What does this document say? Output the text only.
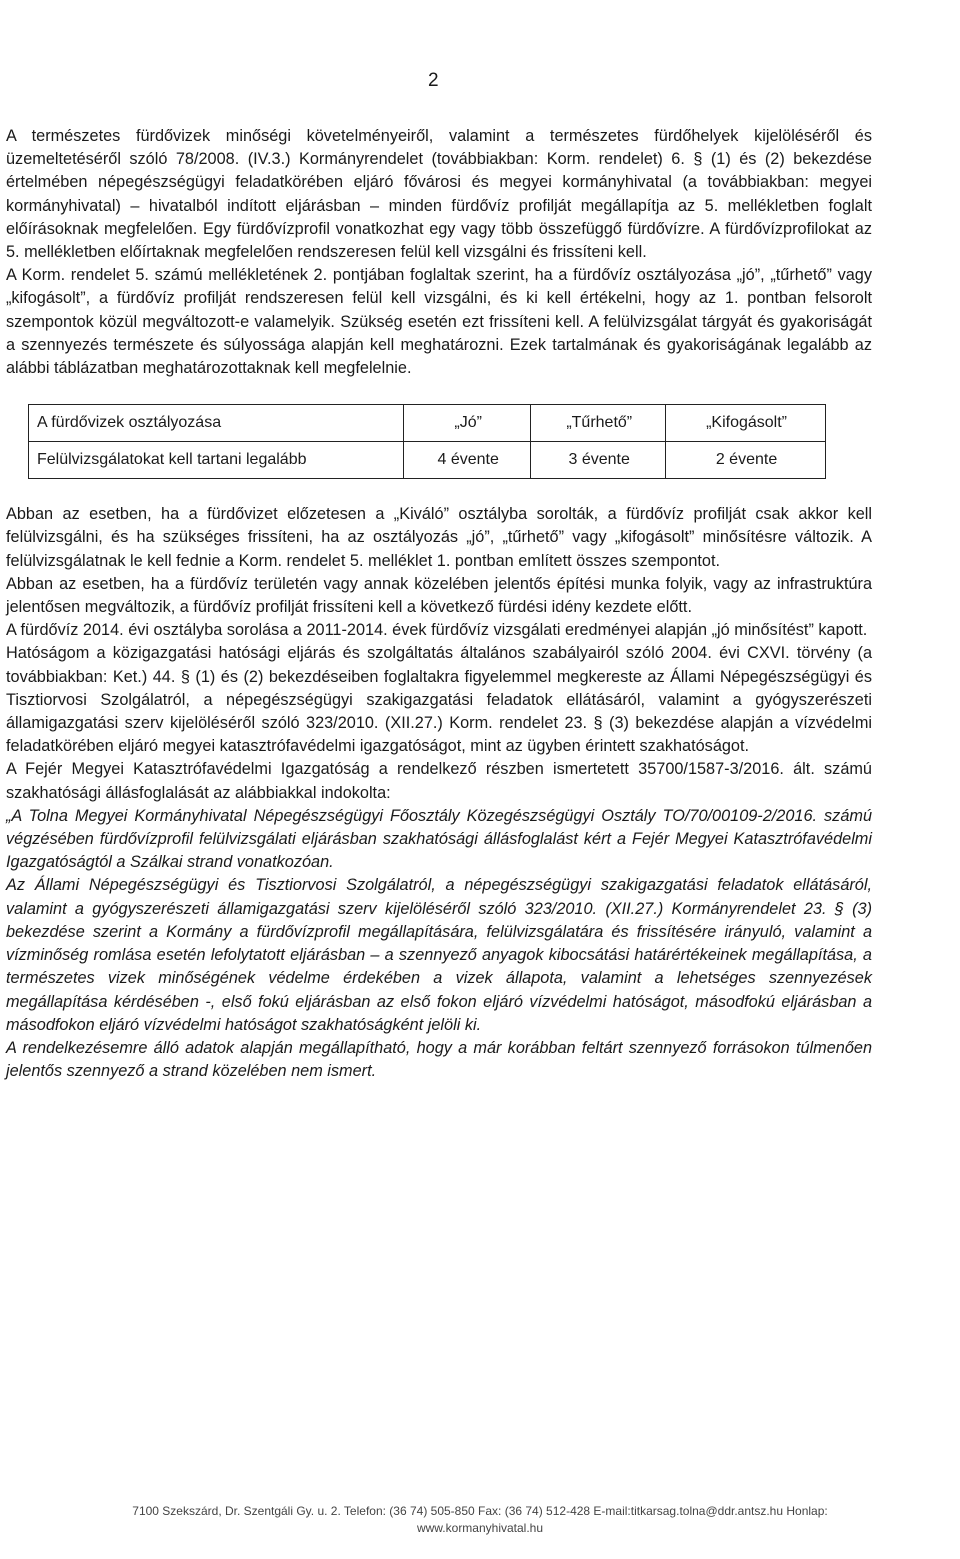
2

A természetes fürdővizek minőségi követelményeiről, valamint a természetes fürdőhelyek kijelöléséről és üzemeltetéséről szóló 78/2008. (IV.3.) Kormányrendelet (továbbiakban: Korm. rendelet) 6. § (1) és (2) bekezdése értelmében népegészségügyi feladatkörében eljáró fővárosi és megyei kormányhivatal (a továbbiakban: megyei kormányhivatal) – hivatalból indított eljárásban – minden fürdővíz profilját megállapítja az 5. mellékletben foglalt előírásoknak megfelelően. Egy fürdővízprofil vonatkozhat egy vagy több összefüggő fürdővízre. A fürdővízprofilokat az 5. mellékletben előírtaknak megfelelően rendszeresen felül kell vizsgálni és frissíteni kell.

A Korm. rendelet 5. számú mellékletének 2. pontjában foglaltak szerint, ha a fürdővíz osztályozása „jó”, „tűrhető” vagy „kifogásolt”, a fürdővíz profilját rendszeresen felül kell vizsgálni, és ki kell értékelni, hogy az 1. pontban felsorolt szempontok közül megváltozott-e valamelyik. Szükség esetén ezt frissíteni kell. A felülvizsgálat tárgyát és gyakoriságát a szennyezés természete és súlyossága alapján kell meghatározni. Ezek tartalmának és gyakoriságának legalább az alábbi táblázatban meghatározottaknak kell megfelelnie.

A fürdővizek osztályozása	„Jó”	„Tűrhető”	„Kifogásolt”
Felülvizsgálatokat kell tartani legalább	4 évente	3 évente	2 évente

Abban az esetben, ha a fürdővizet előzetesen a „Kiváló” osztályba sorolták, a fürdővíz profilját csak akkor kell felülvizsgálni, és ha szükséges frissíteni, ha az osztályozás „jó”, „tűrhető” vagy „kifogásolt” minősítésre változik. A felülvizsgálatnak le kell fednie a Korm. rendelet 5. melléklet 1. pontban említett összes szempontot.

Abban az esetben, ha a fürdővíz területén vagy annak közelében jelentős építési munka folyik, vagy az infrastruktúra jelentősen megváltozik, a fürdővíz profilját frissíteni kell a következő fürdési idény kezdete előtt.

A fürdővíz 2014. évi osztályba sorolása a 2011-2014. évek fürdővíz vizsgálati eredményei alapján „jó minősítést” kapott.

Hatóságom a közigazgatási hatósági eljárás és szolgáltatás általános szabályairól szóló 2004. évi CXVI. törvény (a továbbiakban: Ket.) 44. § (1) és (2) bekezdéseiben foglaltakra figyelemmel megkereste az Állami Népegészségügyi és Tisztiorvosi Szolgálatról, a népegészségügyi szakigazgatási feladatok ellátásáról, valamint a gyógyszerészeti államigazgatási szerv kijelöléséről szóló 323/2010. (XII.27.) Korm. rendelet 23. § (3) bekezdése alapján a vízvédelmi feladatkörében eljáró megyei katasztrófavédelmi igazgatóságot, mint az ügyben érintett szakhatóságot.

A Fejér Megyei Katasztrófavédelmi Igazgatóság a rendelkező részben ismertetett 35700/1587-3/2016. ált. számú szakhatósági állásfoglalását az alábbiakkal indokolta:

„A Tolna Megyei Kormányhivatal Népegészségügyi Főosztály Közegészségügyi Osztály TO/70/00109-2/2016. számú végzésében fürdővízprofil felülvizsgálati eljárásban szakhatósági állásfoglalást kért a Fejér Megyei Katasztrófavédelmi Igazgatóságtól a Szálkai strand vonatkozóan.

Az Állami Népegészségügyi és Tisztiorvosi Szolgálatról, a népegészségügyi szakigazgatási feladatok ellátásáról, valamint a gyógyszerészeti államigazgatási szerv kijelöléséről szóló 323/2010. (XII.27.) Kormányrendelet 23. § (3) bekezdése szerint a Kormány a fürdővízprofil megállapítására, felülvizsgálatára és frissítésére irányuló, valamint a vízminőség romlása esetén lefolytatott eljárásban – a szennyező anyagok kibocsátási határértékeinek megállapítása, a természetes vizek minőségének védelme érdekében a vizek állapota, valamint a lehetséges szennyezések megállapítása kérdésében -, első fokú eljárásban az első fokon eljáró vízvédelmi hatóságot, másodfokú eljárásban a másodfokon eljáró vízvédelmi hatóságot szakhatóságként jelöli ki.

A rendelkezésemre álló adatok alapján megállapítható, hogy a már korábban feltárt szennyező forrásokon túlmenően jelentős szennyező a strand közelében nem ismert.

7100 Szekszárd, Dr. Szentgáli Gy. u. 2. Telefon: (36 74) 505-850 Fax: (36 74) 512-428 E-mail:titkarsag.tolna@ddr.antsz.hu Honlap:
www.kormanyhivatal.hu
